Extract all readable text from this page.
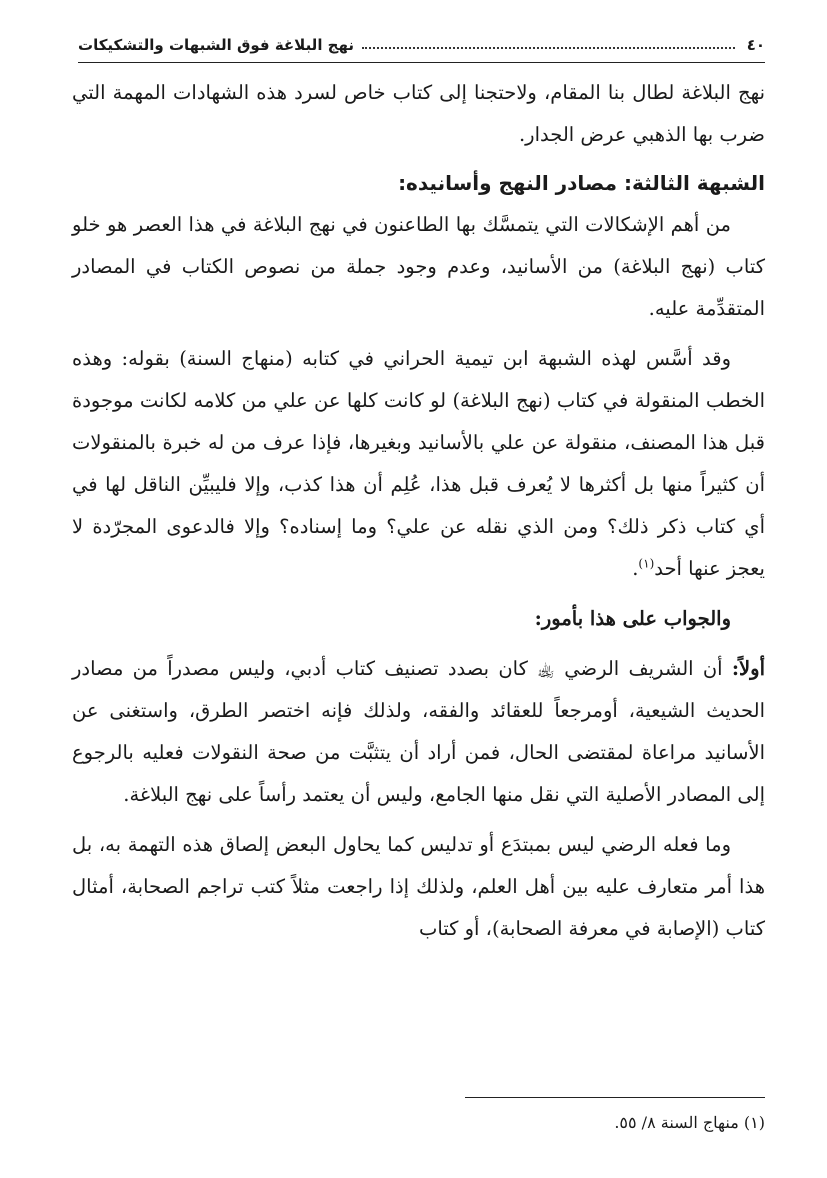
٤٠
نهج البلاغة فوق الشبهات والتشكيكات

نهج البلاغة لطال بنا المقام، ولاحتجنا إلى كتاب خاص لسرد هذه الشهادات المهمة التي ضرب بها الذهبي عرض الجدار.

الشبهة الثالثة: مصادر النهج وأسانيده:

من أهم الإشكالات التي يتمسَّك بها الطاعنون في نهج البلاغة في هذا العصر هو خلو كتاب (نهج البلاغة) من الأسانيد، وعدم وجود جملة من نصوص الكتاب في المصادر المتقدِّمة عليه.

وقد أسَّس لهذه الشبهة ابن تيمية الحراني في كتابه (منهاج السنة) بقوله: وهذه الخطب المنقولة في كتاب (نهج البلاغة) لو كانت كلها عن علي من كلامه لكانت موجودة قبل هذا المصنف، منقولة عن علي بالأسانيد وبغيرها، فإذا عرف من له خبرة بالمنقولات أن كثيراً منها بل أكثرها لا يُعرف قبل هذا، عُلِم أن هذا كذب، وإلا فليبيِّن الناقل لها في أي كتاب ذكر ذلك؟ ومن الذي نقله عن علي؟ وما إسناده؟ وإلا فالدعوى المجرّدة لا يعجز عنها أحد$^{(١)}$.

والجواب على هذا بأمور:

أولاً: أن الشريف الرضي ﵀ كان بصدد تصنيف كتاب أدبي، وليس مصدراً من مصادر الحديث الشيعية، أومرجعاً للعقائد والفقه، ولذلك فإنه اختصر الطرق، واستغنى عن الأسانيد مراعاة لمقتضى الحال، فمن أراد أن يتثبَّت من صحة النقولات فعليه بالرجوع إلى المصادر الأصلية التي نقل منها الجامع، وليس أن يعتمد رأساً على نهج البلاغة.

وما فعله الرضي ليس بمبتدَع أو تدليس كما يحاول البعض إلصاق هذه التهمة به، بل هذا أمر متعارف عليه بين أهل العلم، ولذلك إذا راجعت مثلاً كتب تراجم الصحابة، أمثال كتاب (الإصابة في معرفة الصحابة)، أو كتاب

(١) منهاج السنة ٨/ ٥٥.
